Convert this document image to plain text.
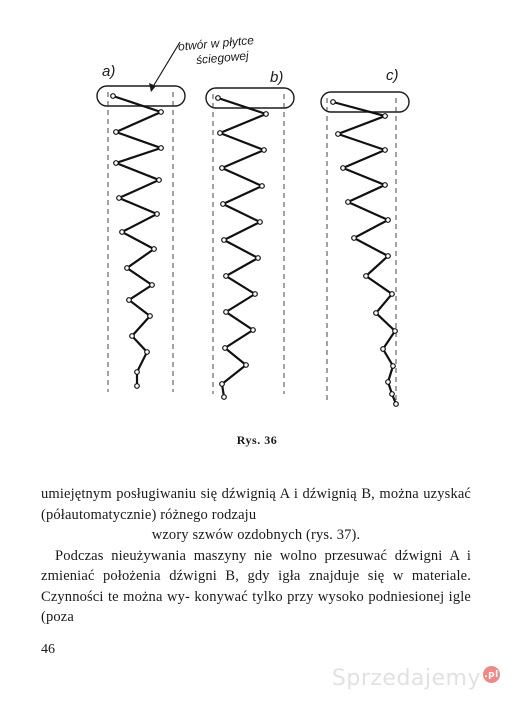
otwór w płytce
ściegowej
a)	b)	c)
Rys. 36

umiejętnym posługiwaniu się dźwignią A i dźwignią B, można uzyskać (półautomatycznie) różnego rodzaju
wzory szwów ozdobnych (rys. 37).

Podczas nieużywania maszyny nie wolno przesuwać dźwigni A i zmieniać położenia dźwigni B, gdy igła znajduje się w materiale. Czynności te można wy- konywać tylko przy wysoko podniesionej igle (poza

46
Sprzedajemy .pl
